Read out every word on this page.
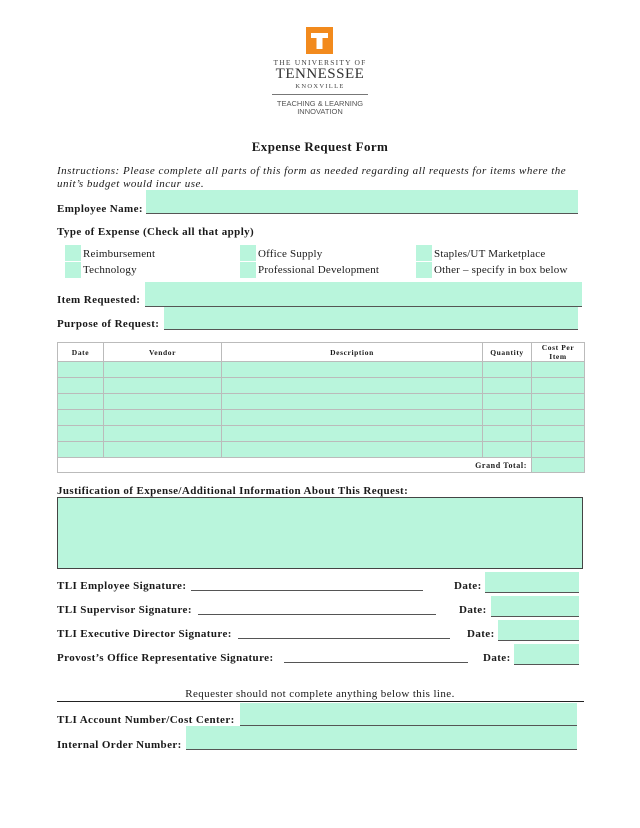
THE UNIVERSITY OF
TENNESSEE
KNOXVILLE
TEACHING & LEARNING
INNOVATION
Expense Request Form
Instructions: Please complete all parts of this form as needed regarding all requests for items where the unit’s budget would incur use.
Employee Name:
Type of Expense (Check all that apply)
Reimbursement	Office Supply	Staples/UT Marketplace
Technology	Professional Development	Other – specify in box below
Item Requested:
Purpose of Request:
Date	Vendor	Description	Quantity	Cost Per Item

Grand Total:				
Justification of Expense/Additional Information About This Request:
TLI Employee Signature:	Date:
TLI Supervisor Signature:	Date:
TLI Executive Director Signature:	Date:
Provost’s Office Representative Signature:	Date:
Requester should not complete anything below this line.
TLI Account Number/Cost Center:
Internal Order Number:
